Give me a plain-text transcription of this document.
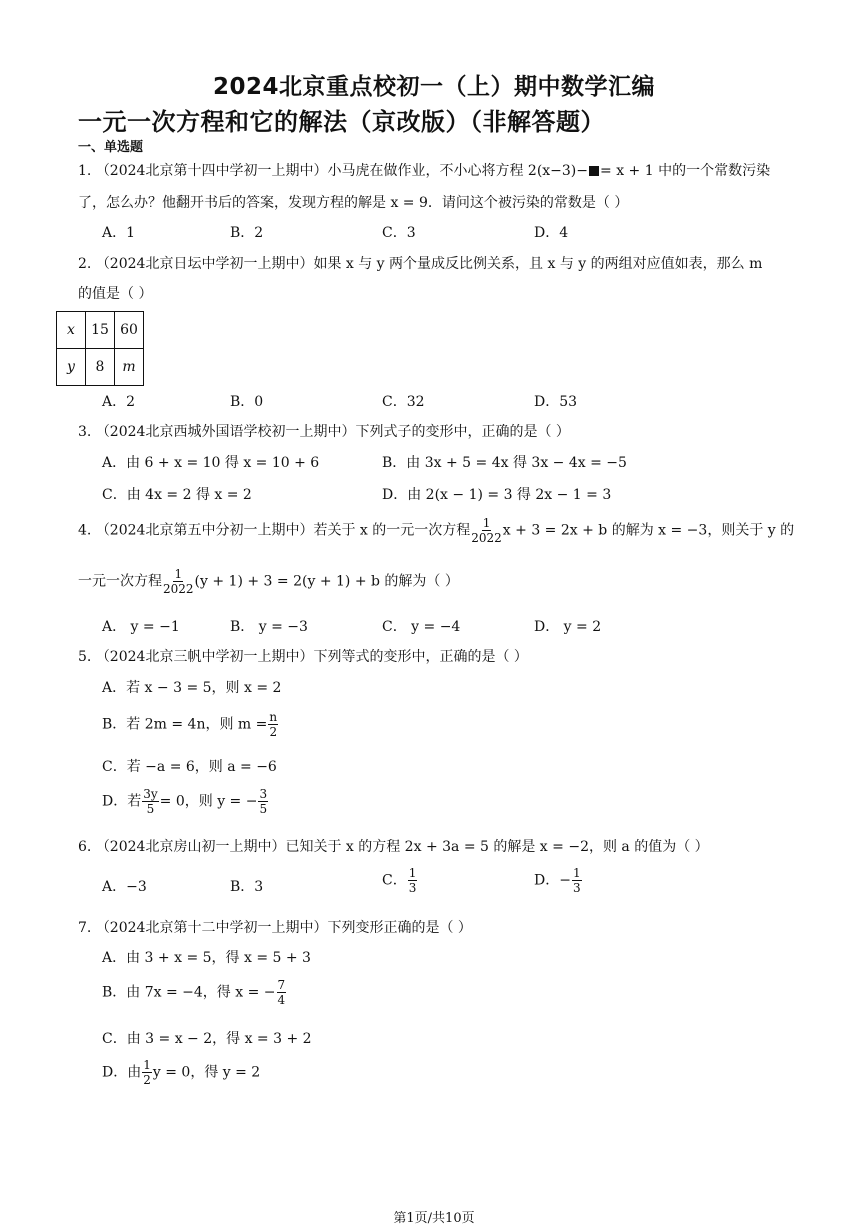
2024北京重点校初一（上）期中数学汇编
一元一次方程和它的解法（京改版）（非解答题）
一、单选题
1. （2024北京第十四中学初一上期中）小马虎在做作业，不小心将方程 2(x−3)− = x + 1 中的一个常数污染
了，怎么办？他翻开书后的答案，发现方程的解是 x = 9．请问这个被污染的常数是（ ）
A．1	B．2	C．3	D．4
2. （2024北京日坛中学初一上期中）如果 x 与 y 两个量成反比例关系，且 x 与 y 的两组对应值如表，那么 m
的值是（ ）
x	15	60
y	8	m
A．2	B．0	C．32	D．53
3. （2024北京西城外国语学校初一上期中）下列式子的变形中，正确的是（ ）
A．由 6 + x = 10 得 x = 10 + 6	B．由 3x + 5 = 4x 得 3x − 4x = −5
C．由 4x = 2 得 x = 2	D．由 2(x − 1) = 3 得 2x − 1 = 3
4. （2024北京第五中分初一上期中）若关于 x 的一元一次方程 $\frac{1}{2022}$ x + 3 = 2x + b 的解为 x = −3，则关于 y 的
一元一次方程 $\frac{1}{2022} (y + 1) + 3 = 2(y + 1) + b$ 的解为（ ）
A． y = −1	B． y = −3	C． y = −4	D． y = 2
5. （2024北京三帆中学初一上期中）下列等式的变形中，正确的是（ ）
A．若 x − 3 = 5，则 x = 2
B．若 2m = 4n，则 $m = \frac{n}{2}$
C．若 −a = 6，则 a = −6
D．若 $\frac{3y}{5} = 0$，则 y = − $\frac{3}{5}$
6. （2024北京房山初一上期中）已知关于 x 的方程 2x + 3a = 5 的解是 x = −2，则 a 的值为（ ）
A．−3	B．3	C． $\frac{1}{3}$	D．− $\frac{1}{3}$
7. （2024北京第十二中学初一上期中）下列变形正确的是（ ）
A．由 3 + x = 5，得 x = 5 + 3
B．由 7x = −4，得 x = − $\frac{7}{4}$
C．由 3 = x − 2，得 x = 3 + 2
D．由 $\frac{1}{2}$ y = 0，得 y = 2
第1页/共10页
